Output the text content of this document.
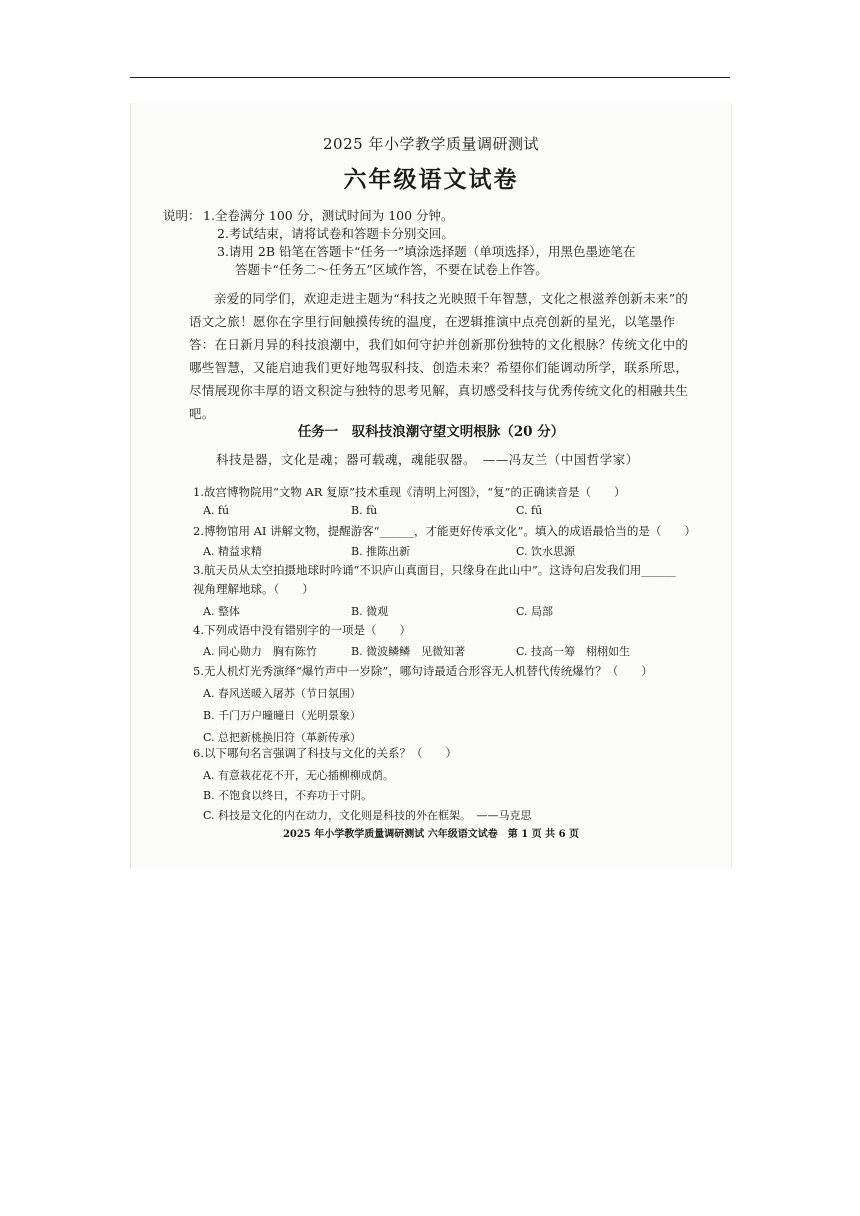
2025 年小学教学质量调研测试
六年级语文试卷
说明： 1.全卷满分 100 分，测试时间为 100 分钟。
2.考试结束，请将试卷和答题卡分别交回。
3.请用 2B 铅笔在答题卡“任务一”填涂选择题（单项选择），用黑色墨迹笔在
答题卡“任务二～任务五”区域作答，不要在试卷上作答。
亲爱的同学们，欢迎走进主题为“科技之光映照千年智慧，文化之根滋养创新未来”的语文之旅！愿你在字里行间触摸传统的温度，在逻辑推演中点亮创新的星光，以笔墨作答：在日新月异的科技浪潮中，我们如何守护并创新那份独特的文化根脉？传统文化中的哪些智慧，又能启迪我们更好地驾驭科技、创造未来？希望你们能调动所学，联系所思，尽情展现你丰厚的语文积淀与独特的思考见解，真切感受科技与优秀传统文化的相融共生吧。
任务一　驭科技浪潮守望文明根脉（20 分）
科技是器，文化是魂；器可载魂，魂能驭器。　——冯友兰（中国哲学家）
1.故宫博物院用“文物 AR 复原”技术重现《清明上河图》，“复”的正确读音是（　　）
A. fú	B. fù	C. fū
2.博物馆用 AI 讲解文物，提醒游客“______，才能更好传承文化”。填入的成语最恰当的是（　　）
A. 精益求精	B. 推陈出新	C. 饮水思源
3.航天员从太空拍摄地球时吟诵“不识庐山真面目，只缘身在此山中”。这诗句启发我们用______
视角理解地球。（　　）
A. 整体	B. 微观	C. 局部
4.下列成语中没有错别字的一项是（　　）
A. 同心勋力　胸有陈竹	B. 微波鳞鳞　见微知著	C. 技高一筹　栩栩如生
5.无人机灯光秀演绎“爆竹声中一岁除”，哪句诗最适合形容无人机替代传统爆竹？（　　）
A. 春风送暖入屠苏（节日氛围）
B. 千门万户曈曈日（光明景象）
C. 总把新桃换旧符（革新传承）
6.以下哪句名言强调了科技与文化的关系？（　　）
A. 有意栽花花不开，无心插柳柳成荫。
B. 不饱食以终日，不弃功于寸阴。
C. 科技是文化的内在动力，文化则是科技的外在框架。　——马克思
2025 年小学教学质量调研测试 六年级语文试卷　第 1 页 共 6 页
